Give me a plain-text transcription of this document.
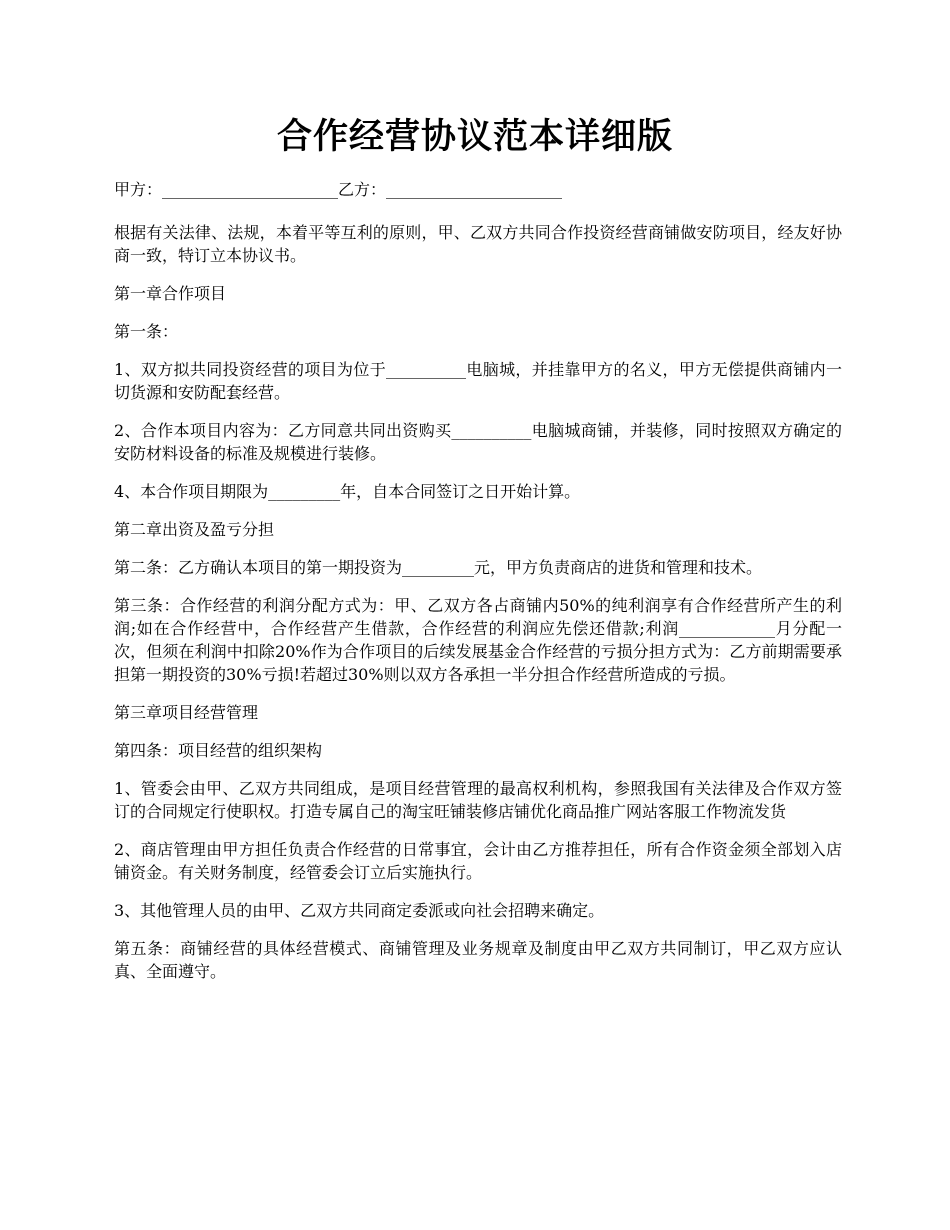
合作经营协议范本详细版

甲方：______________________乙方：______________________

根据有关法律、法规，本着平等互利的原则，甲、乙双方共同合作投资经营商铺做安防项目，经友好协商一致，特订立本协议书。

第一章合作项目

第一条：

1、双方拟共同投资经营的项目为位于__________电脑城，并挂靠甲方的名义，甲方无偿提供商铺内一切货源和安防配套经营。

2、合作本项目内容为：乙方同意共同出资购买__________电脑城商铺，并装修，同时按照双方确定的安防材料设备的标准及规模进行装修。

4、本合作项目期限为_________年，自本合同签订之日开始计算。

第二章出资及盈亏分担

第二条：乙方确认本项目的第一期投资为_________元，甲方负责商店的进货和管理和技术。

第三条：合作经营的利润分配方式为：甲、乙双方各占商铺内50%的纯利润享有合作经营所产生的利润;如在合作经营中，合作经营产生借款，合作经营的利润应先偿还借款;利润____________月分配一次，但须在利润中扣除20%作为合作项目的后续发展基金合作经营的亏损分担方式为：乙方前期需要承担第一期投资的30%亏损!若超过30%则以双方各承担一半分担合作经营所造成的亏损。

第三章项目经营管理

第四条：项目经营的组织架构

1、管委会由甲、乙双方共同组成，是项目经营管理的最高权利机构，参照我国有关法律及合作双方签订的合同规定行使职权。打造专属自己的淘宝旺铺装修店铺优化商品推广网站客服工作物流发货

2、商店管理由甲方担任负责合作经营的日常事宜，会计由乙方推荐担任，所有合作资金须全部划入店铺资金。有关财务制度，经管委会订立后实施执行。

3、其他管理人员的由甲、乙双方共同商定委派或向社会招聘来确定。

第五条：商铺经营的具体经营模式、商铺管理及业务规章及制度由甲乙双方共同制订，甲乙双方应认真、全面遵守。
